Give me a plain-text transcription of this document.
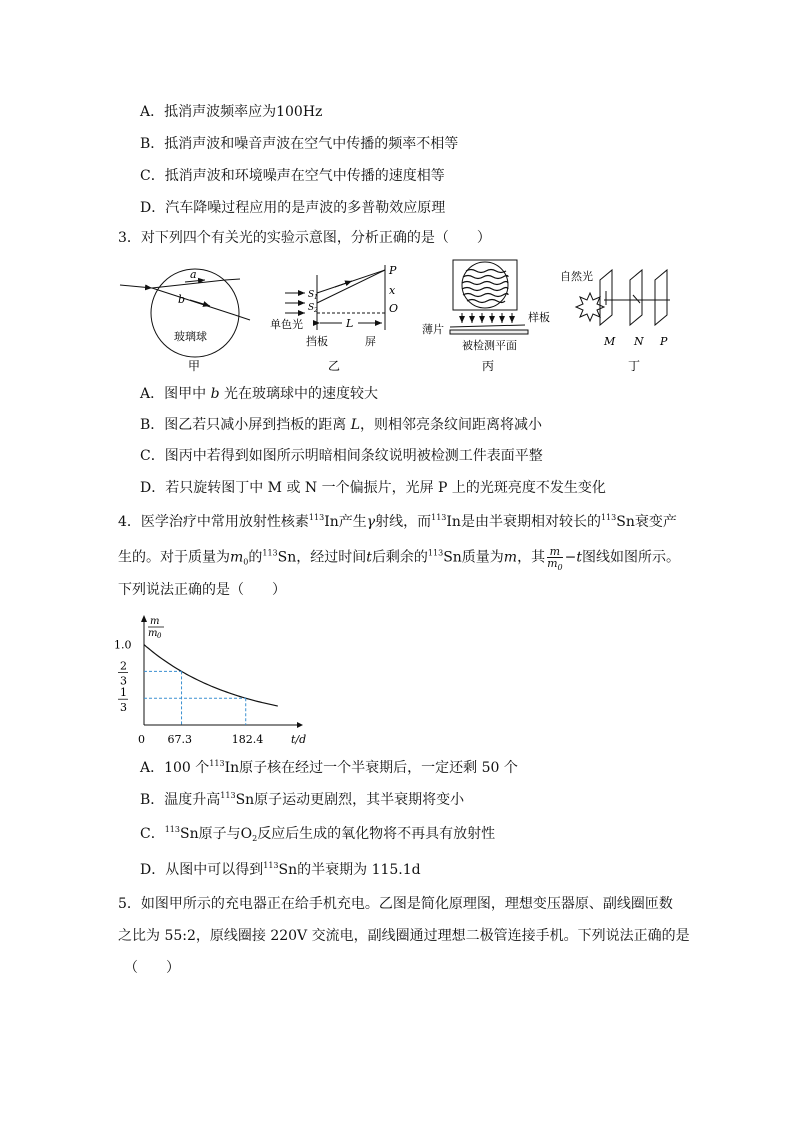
A．抵消声波频率应为100Hz
B．抵消声波和噪音声波在空气中传播的频率不相等
C．抵消声波和环境噪声在空气中传播的速度相等
D．汽车降噪过程应用的是声波的多普勒效应原理
3．对下列四个有关光的实验示意图，分析正确的是（　　）
a
b
玻璃球
甲
S 1
S 2
P
x
O
L
单色光
挡板	屏
乙
薄片
样板
被检测平面
丙
自然光
M N P
丁
A．图甲中 b 光在玻璃球中的速度较大
B．图乙若只减小屏到挡板的距离 L，则相邻亮条纹间距离将减小
C．图丙中若得到如图所示明暗相间条纹说明被检测工件表面平整
D．若只旋转图丁中 M 或 N 一个偏振片，光屏 P 上的光斑亮度不发生变化
4．医学治疗中常用放射性核素$^{113}$In产生γ射线，而$^{113}$In是由半衰期相对较长的$^{113}$Sn衰变产
生的。对于质量为$m_0$的$^{113}$Sn，经过时间t后剩余的$^{113}$Sn质量为m，其 $\frac{m}{m_0} -t$图线如图所示。
下列说法正确的是（　　）
m
m 0
t/d
0
1.0
2
3
1
3
67.3	182.4
A．100 个$^{113}$In原子核在经过一个半衰期后，一定还剩 50 个
B．温度升高$^{113}$Sn原子运动更剧烈，其半衰期将变小
C．$^{113}$Sn原子与$O_2$反应后生成的氧化物将不再具有放射性
D．从图中可以得到$^{113}$Sn的半衰期为 115.1d
5．如图甲所示的充电器正在给手机充电。乙图是简化原理图，理想变压器原、副线圈匝数
之比为 55:2，原线圈接 220V 交流电，副线圈通过理想二极管连接手机。下列说法正确的是
（　　）
